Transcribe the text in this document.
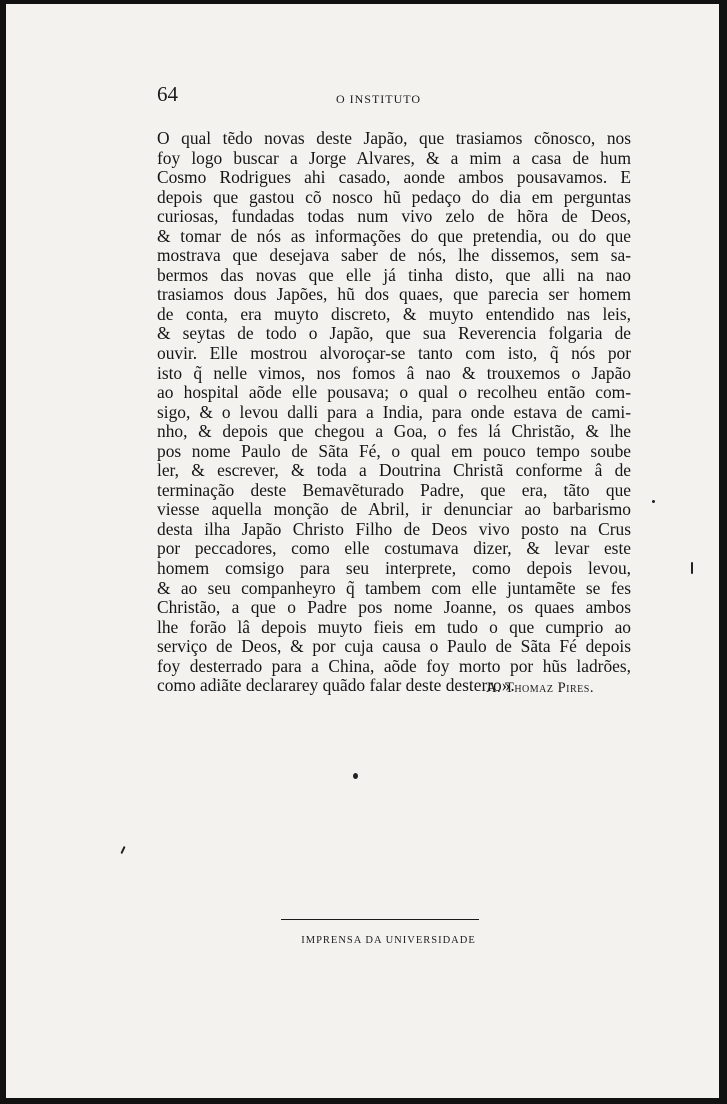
64	O INSTITUTO
O qual tẽdo novas deste Japão, que trasiamos cõnosco, nos
foy logo buscar a Jorge Alvares, & a mim a casa de hum
Cosmo Rodrigues ahi casado, aonde ambos pousavamos. E
depois que gastou cõ nosco hũ pedaço do dia em perguntas
curiosas, fundadas todas num vivo zelo de hõra de Deos,
& tomar de nós as informações do que pretendia, ou do que
mostrava que desejava saber de nós, lhe dissemos, sem sa-
bermos das novas que elle já tinha disto, que alli na nao
trasiamos dous Japões, hũ dos quaes, que parecia ser homem
de conta, era muyto discreto, & muyto entendido nas leis,
& seytas de todo o Japão, que sua Reverencia folgaria de
ouvir. Elle mostrou alvoroçar-se tanto com isto, q̃ nós por
isto q̃ nelle vimos, nos fomos â nao & trouxemos o Japão
ao hospital aõde elle pousava; o qual o recolheu então com-
sigo, & o levou dalli para a India, para onde estava de cami-
nho, & depois que chegou a Goa, o fes lá Christão, & lhe
pos nome Paulo de Sãta Fé, o qual em pouco tempo soube
ler, & escrever, & toda a Doutrina Christã conforme â de
terminação deste Bemavẽturado Padre, que era, tãto que
viesse aquella monção de Abril, ir denunciar ao barbarismo
desta ilha Japão Christo Filho de Deos vivo posto na Crus
por peccadores, como elle costumava dizer, & levar este
homem comsigo para seu interprete, como depois levou,
& ao seu companheyro q̃ tambem com elle juntamẽte se fes
Christão, a que o Padre pos nome Joanne, os quaes ambos
lhe forão lâ depois muyto fieis em tudo o que cumprio ao
serviço de Deos, & por cuja causa o Paulo de Sãta Fé depois
foy desterrado para a China, aõde foy morto por hũs ladrões,
como adiãte declararey quãdo falar deste desterro».
A. Thomaz Pires.
IMPRENSA DA UNIVERSIDADE
